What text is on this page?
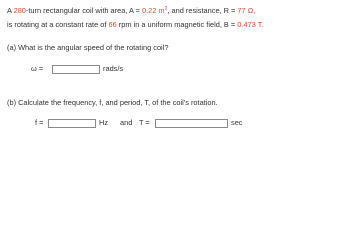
A 280-turn rectangular coil with area, A = 0.22 $m^2$, and resistance, R = 77 Ω,
is rotating at a constant rate of 66 rpm in a uniform magnetic field, B = 0.473 T.
(a) What is the angular speed of the rotating coil?
ω =	rads/s
(b) Calculate the frequency, f, and period, T, of the coil's rotation.
f =	Hz and T =	sec
